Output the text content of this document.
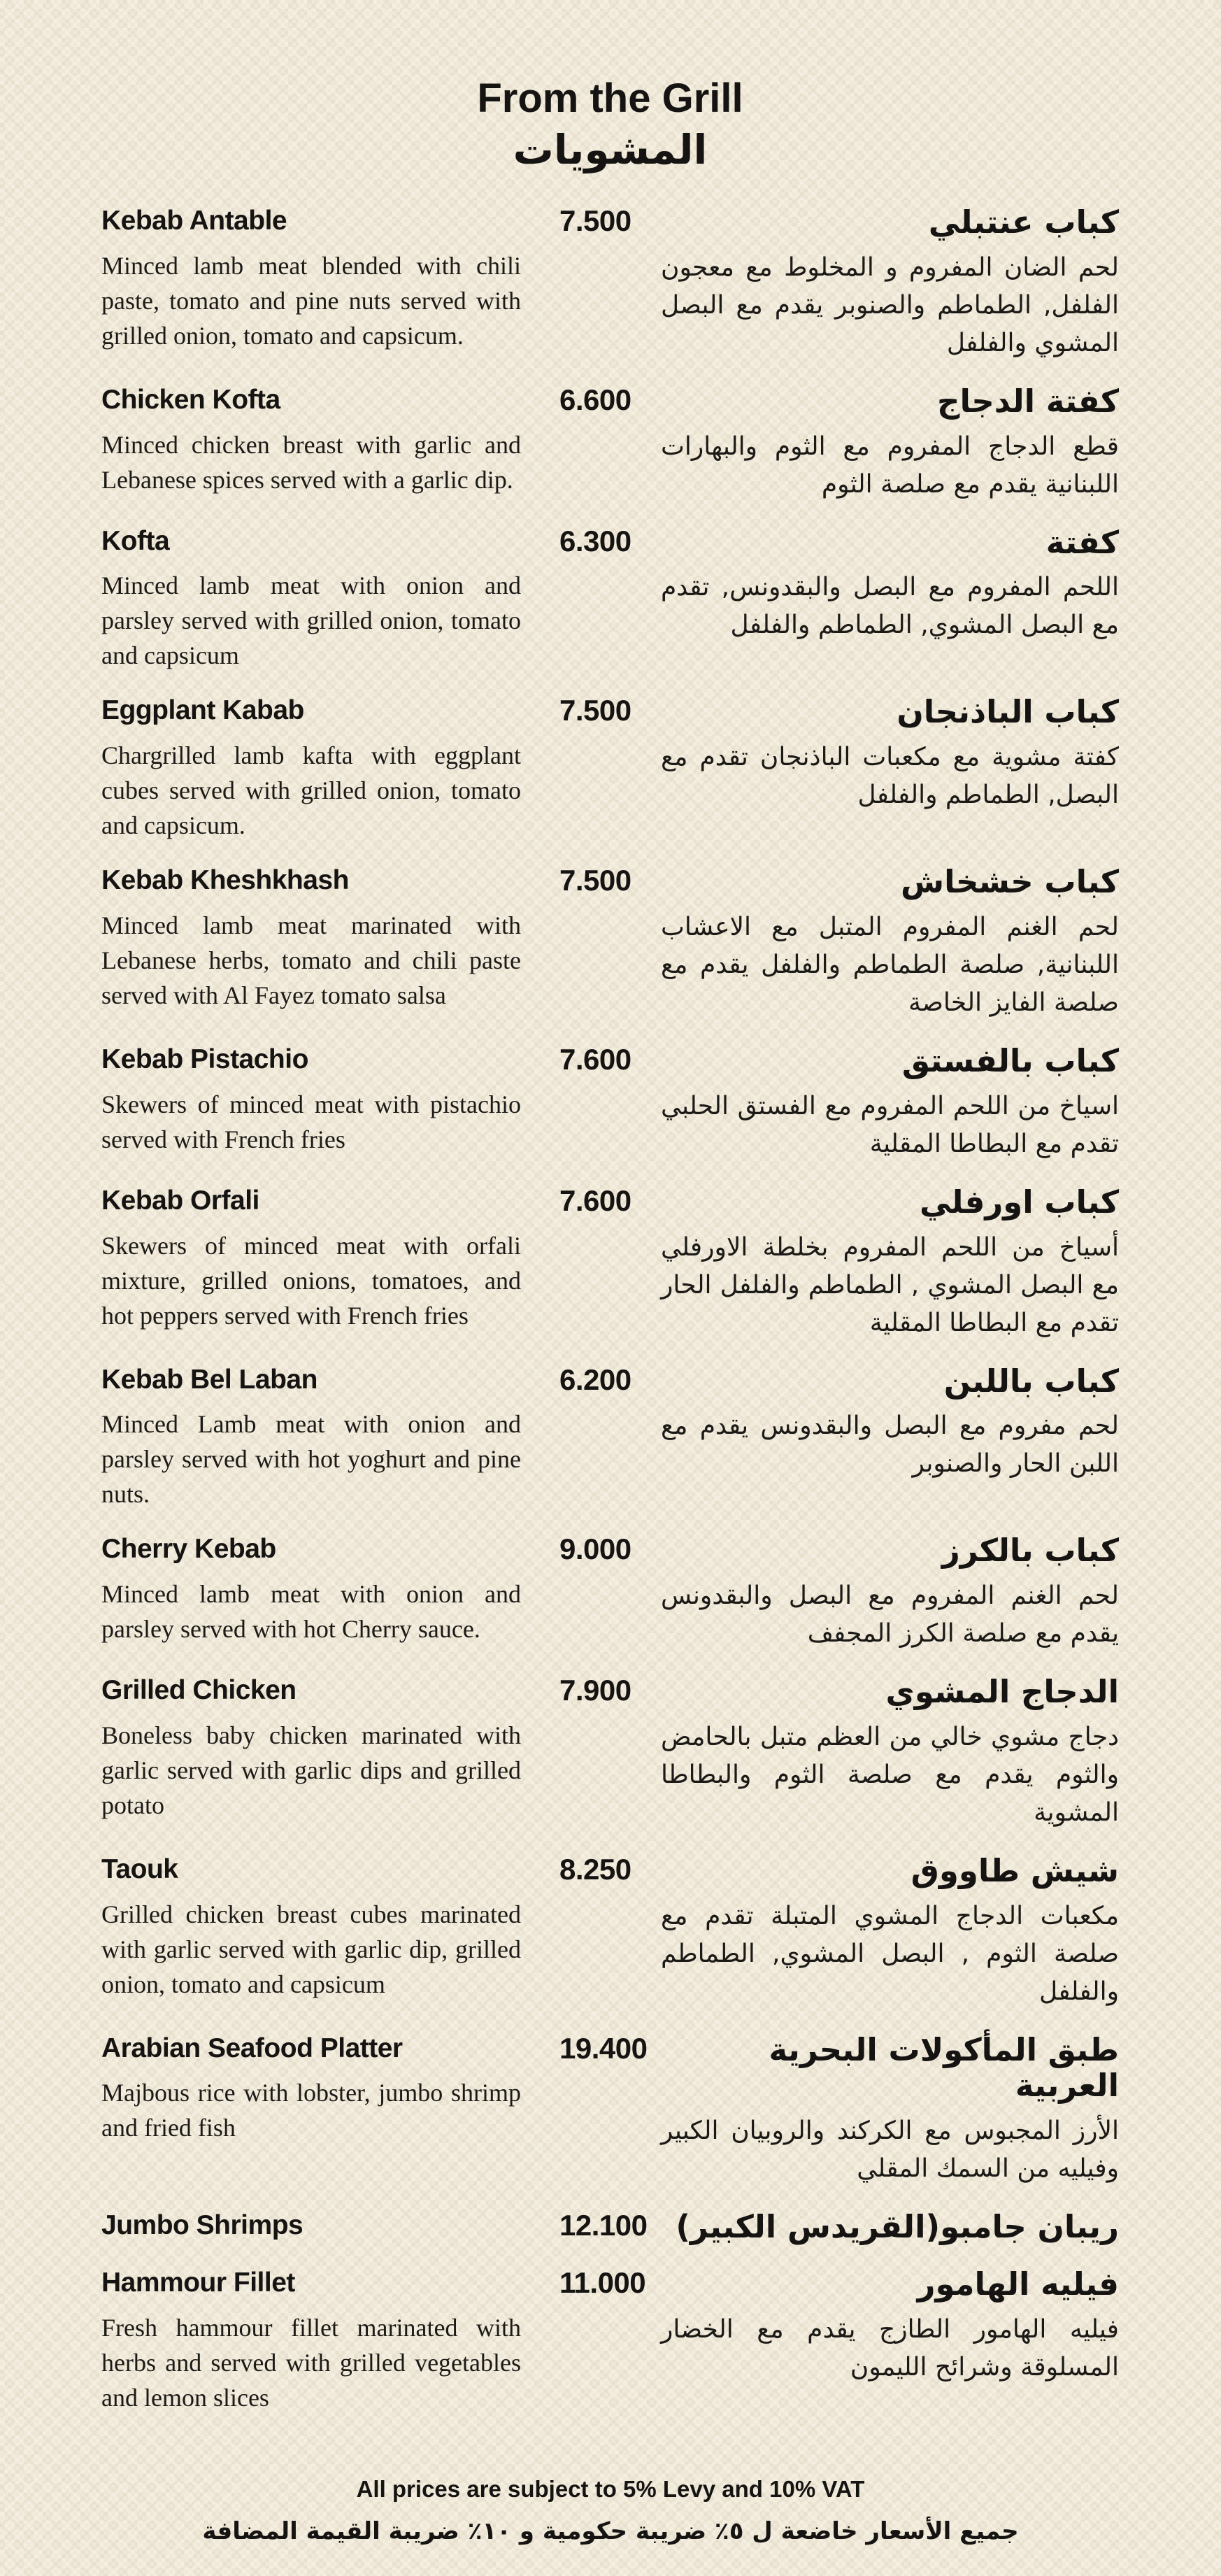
From the Grill
المشويات
Kebab Antable
Minced lamb meat blended with chili paste, tomato and pine nuts served with grilled onion, tomato and capsicum.
7.500	كباب عنتبلي
لحم الضان المفروم و المخلوط مع معجون الفلفل, الطماطم والصنوبر يقدم مع البصل المشوي والفلفل
Chicken Kofta
Minced chicken breast with garlic and Lebanese spices served with a garlic dip.
6.600	كفتة الدجاج
قطع الدجاج المفروم مع الثوم والبهارات اللبنانية يقدم مع صلصة الثوم
Kofta
Minced lamb meat with onion and parsley served with grilled onion, tomato and capsicum
6.300	كفتة
اللحم المفروم مع البصل والبقدونس, تقدم مع البصل المشوي, الطماطم والفلفل
Eggplant Kabab
Chargrilled lamb kafta with eggplant cubes served with grilled onion, tomato and capsicum.
7.500	كباب الباذنجان
كفتة مشوية مع مكعبات الباذنجان تقدم مع البصل, الطماطم والفلفل
Kebab Kheshkhash
Minced lamb meat marinated with Lebanese herbs, tomato and chili paste served with Al Fayez tomato salsa
7.500	كباب خشخاش
لحم الغنم المفروم المتبل مع الاعشاب اللبنانية, صلصة الطماطم والفلفل يقدم مع صلصة الفايز الخاصة
Kebab Pistachio
Skewers of minced meat with pistachio served with French fries
7.600	كباب بالفستق
اسياخ من اللحم المفروم مع الفستق الحلبي تقدم مع البطاطا المقلية
Kebab Orfali
Skewers of minced meat with orfali mixture, grilled onions, tomatoes, and hot peppers served with French fries
7.600	كباب اورفلي
أسياخ من اللحم المفروم بخلطة الاورفلي مع البصل المشوي , الطماطم والفلفل الحار تقدم مع البطاطا المقلية
Kebab Bel Laban
Minced Lamb meat with onion and parsley served with hot yoghurt and pine nuts.
6.200	كباب باللبن
لحم مفروم مع البصل والبقدونس يقدم مع اللبن الحار والصنوبر
Cherry Kebab
Minced lamb meat with onion and parsley served with hot Cherry sauce.
9.000	كباب بالكرز
لحم الغنم المفروم مع البصل والبقدونس يقدم مع صلصة الكرز المجفف
Grilled Chicken
Boneless baby chicken marinated with garlic served with garlic dips and grilled potato
7.900	الدجاج المشوي
دجاج مشوي خالي من العظم متبل بالحامض والثوم يقدم مع صلصة الثوم والبطاطا المشوية
Taouk
Grilled chicken breast cubes marinated with garlic served with garlic dip, grilled onion, tomato and capsicum
8.250	شيش طاووق
مكعبات الدجاج المشوي المتبلة تقدم مع صلصة الثوم , البصل المشوي, الطماطم والفلفل
Arabian Seafood Platter
Majbous rice with lobster, jumbo shrimp and fried fish
19.400	طبق المأكولات البحرية العربية
الأرز المجبوس مع الكركند والروبيان الكبير وفيليه من السمك المقلي
Jumbo Shrimps	12.100 ريبان جامبو(القريدس الكبير)
Hammour Fillet
Fresh hammour fillet marinated with herbs and served with grilled vegetables and lemon slices
11.000	فيليه الهامور
فيليه الهامور الطازج يقدم مع الخضار المسلوقة وشرائح الليمون
All prices are subject to 5% Levy and 10% VAT
جميع الأسعار خاضعة ل ٥٪ ضريبة حكومية و ١٠٪ ضريبة القيمة المضافة
